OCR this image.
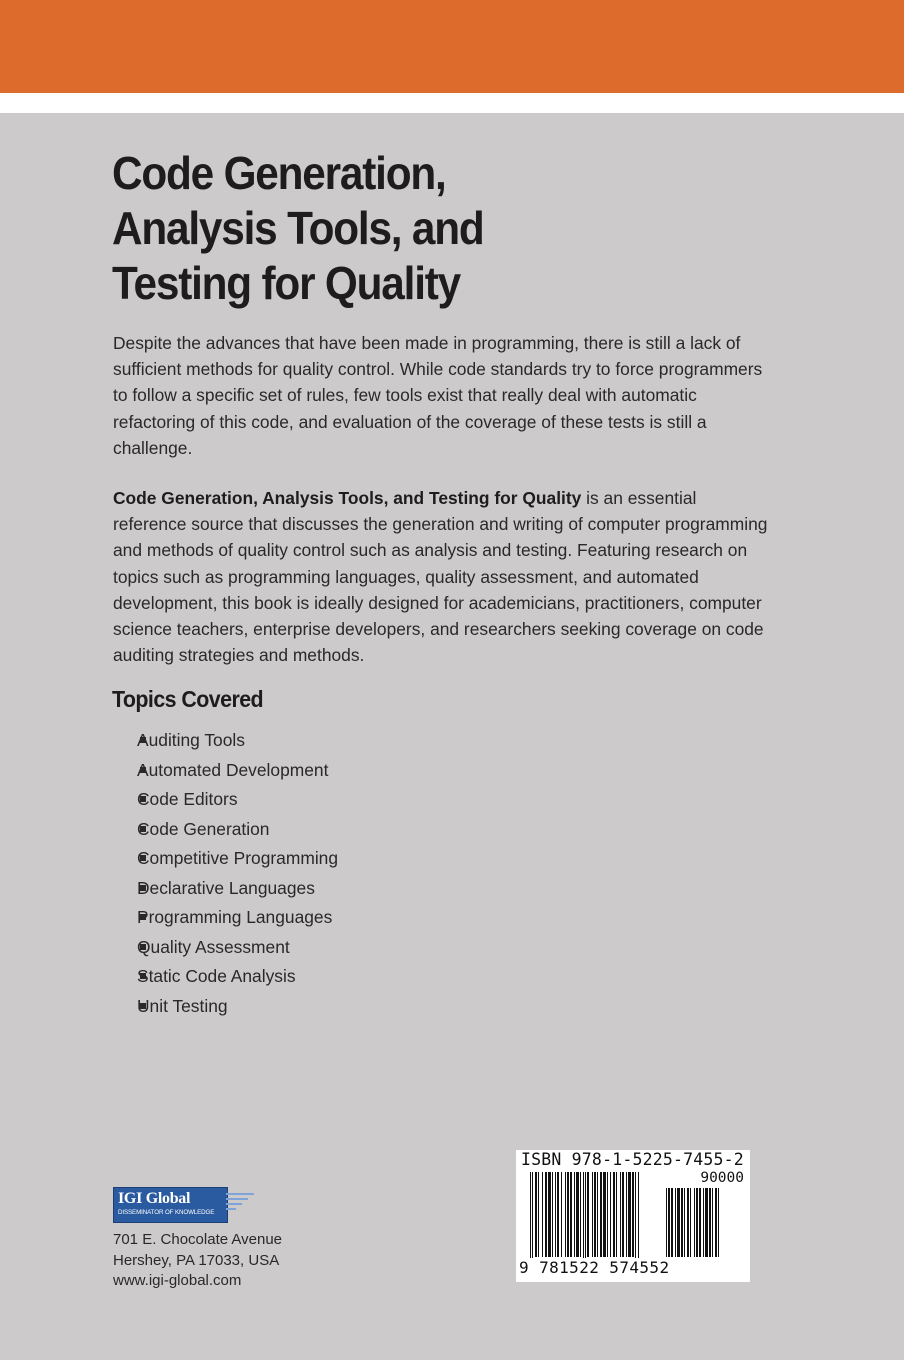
Code Generation,
Analysis Tools, and
Testing for Quality

Despite the advances that have been made in programming, there is still a lack of sufficient methods for quality control. While code standards try to force programmers to follow a specific set of rules, few tools exist that really deal with automatic refactoring of this code, and evaluation of the coverage of these tests is still a challenge.

Code Generation, Analysis Tools, and Testing for Quality is an essential reference source that discusses the generation and writing of computer programming and methods of quality control such as analysis and testing. Featuring research on topics such as programming languages, quality assessment, and automated development, this book is ideally designed for academicians, practitioners, computer science teachers, enterprise developers, and researchers seeking coverage on code auditing strategies and methods.

Topics Covered
Auditing Tools
Automated Development
Code Editors
Code Generation
Competitive Programming
Declarative Languages
Programming Languages
Quality Assessment
Static Code Analysis
Unit Testing
IGI Global
DISSEMINATOR OF KNOWLEDGE
701 E. Chocolate Avenue
Hershey, PA 17033, USA
www.igi-global.com
ISBN 978-1-5225-7455-2
90000
9 781522 574552
